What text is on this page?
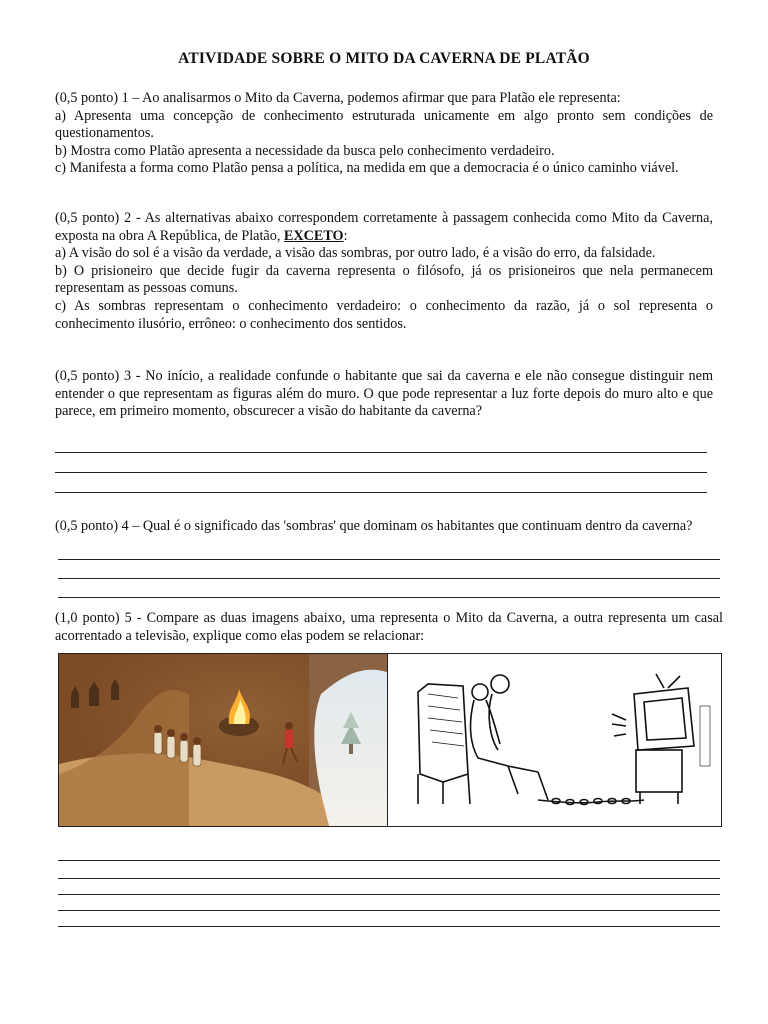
ATIVIDADE SOBRE O MITO DA CAVERNA DE PLATÃO

(0,5 ponto) 1 – Ao analisarmos o Mito da Caverna, podemos afirmar que para Platão ele representa:

a) Apresenta uma concepção de conhecimento estruturada unicamente em algo pronto sem condições de questionamentos.

b) Mostra como Platão apresenta a necessidade da busca pelo conhecimento verdadeiro.

c) Manifesta a forma como Platão pensa a política, na medida em que a democracia é o único caminho viável.

(0,5 ponto) 2 - As alternativas abaixo correspondem corretamente à passagem conhecida como Mito da Caverna, exposta na obra A República, de Platão, EXCETO:

a) A visão do sol é a visão da verdade, a visão das sombras, por outro lado, é a visão do erro, da falsidade.

b) O prisioneiro que decide fugir da caverna representa o filósofo, já os prisioneiros que nela permanecem representam as pessoas comuns.

c) As sombras representam o conhecimento verdadeiro: o conhecimento da razão, já o sol representa o conhecimento ilusório, errôneo: o conhecimento dos sentidos.

(0,5 ponto) 3 - No início, a realidade confunde o habitante que sai da caverna e ele não consegue distinguir nem entender o que representam as figuras além do muro. O que pode representar a luz forte depois do muro alto e que parece, em primeiro momento, obscurecer a visão do habitante da caverna?

(0,5 ponto) 4 – Qual é o significado das 'sombras' que dominam os habitantes que continuam dentro da caverna?

(1,0 ponto) 5 - Compare as duas imagens abaixo, uma representa o Mito da Caverna, a outra representa um casal acorrentado a televisão, explique como elas podem se relacionar:
